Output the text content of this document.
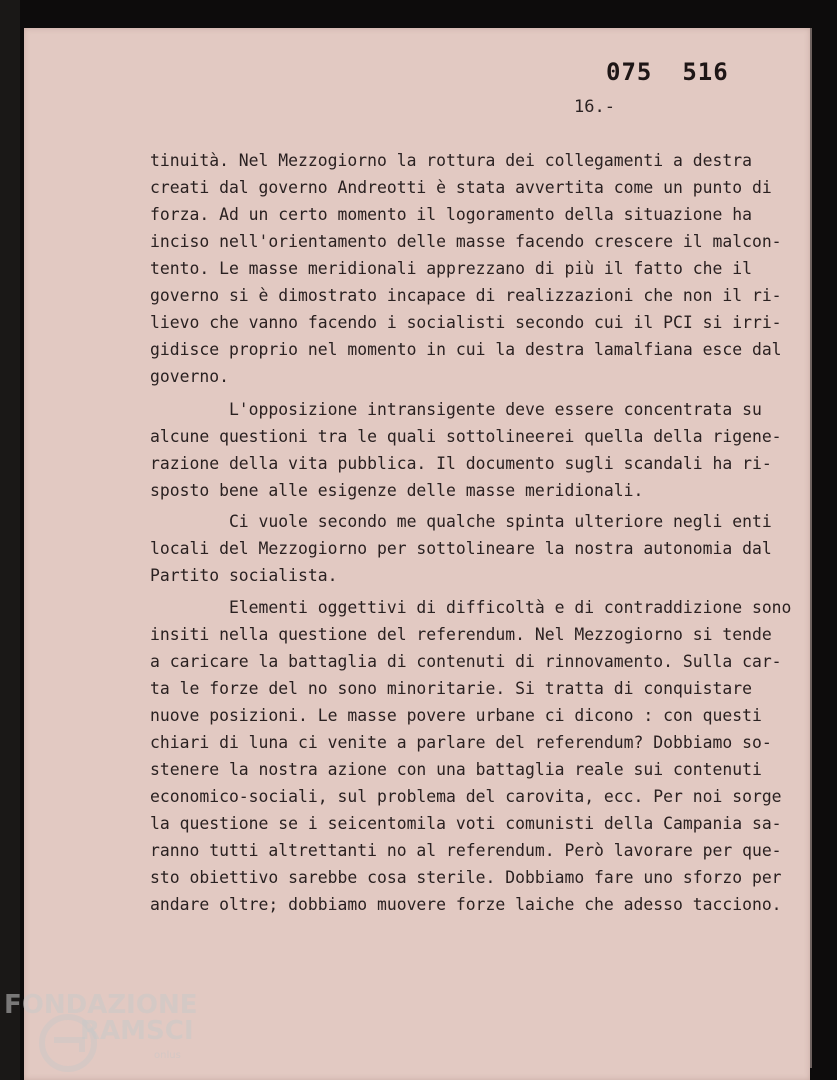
075 516
16.-
tinuità. Nel Mezzogiorno la rottura dei collegamenti a destra
creati dal governo Andreotti è stata avvertita come un punto di
forza. Ad un certo momento il logoramento della situazione ha
inciso nell'orientamento delle masse facendo crescere il malcon-
tento. Le masse meridionali apprezzano di più il fatto che il
governo si è dimostrato incapace di realizzazioni che non il ri-
lievo che vanno facendo i socialisti secondo cui il PCI si irri-
gidisce proprio nel momento in cui la destra lamalfiana esce dal
governo.
L'opposizione intransigente deve essere concentrata su
alcune questioni tra le quali sottolineerei quella della rigene-
razione della vita pubblica. Il documento sugli scandali ha ri-
sposto bene alle esigenze delle masse meridionali.
Ci vuole secondo me qualche spinta ulteriore negli enti
locali del Mezzogiorno per sottolineare la nostra autonomia dal
Partito socialista.
Elementi oggettivi di difficoltà e di contraddizione sono
insiti nella questione del referendum. Nel Mezzogiorno si tende
a caricare la battaglia di contenuti di rinnovamento. Sulla car-
ta le forze del no sono minoritarie. Si tratta di conquistare
nuove posizioni. Le masse povere urbane ci dicono : con questi
chiari di luna ci venite a parlare del referendum? Dobbiamo so-
stenere la nostra azione con una battaglia reale sui contenuti
economico-sociali, sul problema del carovita, ecc. Per noi sorge
la questione se i seicentomila voti comunisti della Campania sa-
ranno tutti altrettanti no al referendum. Però lavorare per que-
sto obiettivo sarebbe cosa sterile. Dobbiamo fare uno sforzo per
andare oltre; dobbiamo muovere forze laiche che adesso tacciono.
FONDAZIONE
RAMSCI
onlus
